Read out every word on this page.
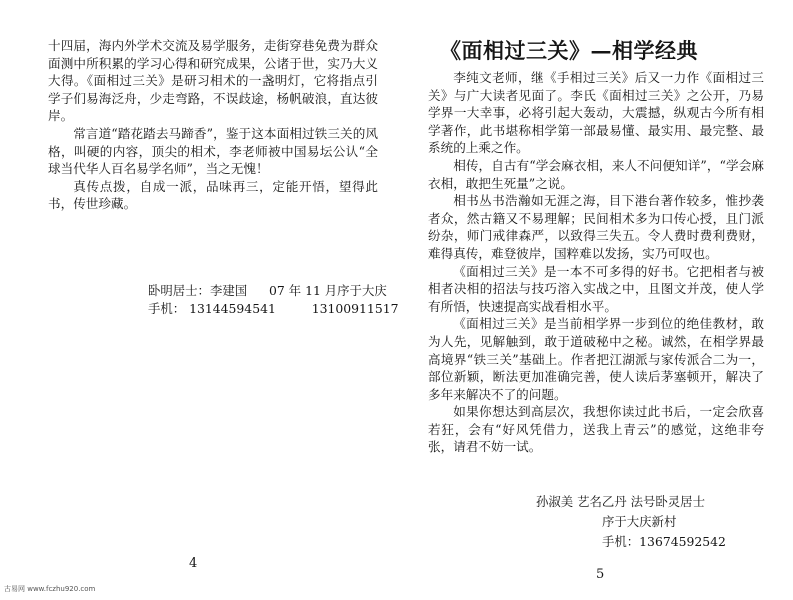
十四届，海内外学术交流及易学服务，走街穿巷免费为群众面测中所积累的学习心得和研究成果，公诸于世，实乃大义大得。《面相过三关》是研习相术的一盏明灯，它将指点引学子们易海泛舟，少走弯路，不误歧途，杨帆破浪，直达彼岸。

常言道“踏花踏去马蹄香”，鉴于这本面相过铁三关的风格，叫硬的内容，顶尖的相术，李老师被中国易坛公认“全球当代华人百名易学名师”，当之无愧！

真传点拨，自成一派，品味再三，定能开悟，望得此书，传世珍藏。

卧明居士：李建国 07 年 11 月序于大庆
手机： 13144594541	13100911517
4
《面相过三关》—相学经典

李纯文老师，继《手相过三关》后又一力作《面相过三关》与广大读者见面了。李氏《面相过三关》之公开，乃易学界一大幸事，必将引起大轰动，大震撼，纵观古今所有相学著作，此书堪称相学第一部最易懂、最实用、最完整、最系统的上乘之作。

相传，自古有“学会麻衣相，来人不问便知详”，“学会麻衣相，敢把生死量”之说。

相书丛书浩瀚如无涯之海，目下港台著作较多，惟抄袭者众，然古籍又不易理解；民间相术多为口传心授，且门派纷杂，师门戒律森严，以致得三失五。令人费时费利费财，难得真传，难登彼岸，国粹难以发扬，实乃可叹也。

《面相过三关》是一本不可多得的好书。它把相者与被相者决相的招法与技巧溶入实战之中，且图文并茂，使人学有所悟，快速提高实战看相水平。

《面相过三关》是当前相学界一步到位的绝佳教材，敢为人先，见解触到，敢于道破秘中之秘。诚然，在相学界最高境界“铁三关”基础上。作者把江湖派与家传派合二为一，部位新颖，断法更加准确完善，使人读后茅塞顿开，解决了多年来解决不了的问题。

如果你想达到高层次，我想你读过此书后，一定会欣喜若狂，会有“好风凭借力，送我上青云”的感觉，这绝非夸张，请君不妨一试。

孙淑美 艺名乙丹 法号卧灵居士
序于大庆新村
手机：13674592542
5
古易网 www.fczhu920.com
